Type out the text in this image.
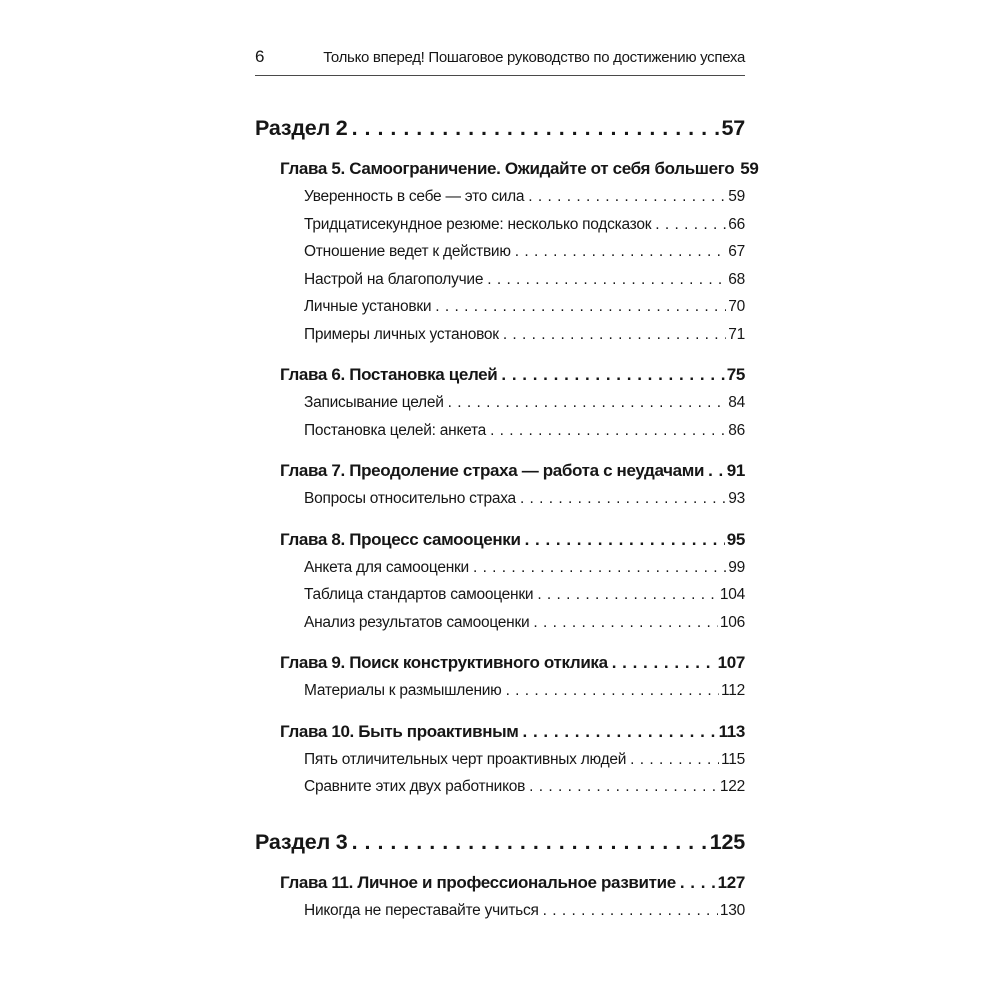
6	Только вперед! Пошаговое руководство по достижению успеха
Раздел 2 . . .	57
Глава 5. Самоограничение. Ожидайте от себя большего 59
Уверенность в себе — это сила . . .	59
Тридцатисекундное резюме: несколько подсказок . . .	66
Отношение ведет к действию . . .	67
Настрой на благополучие . . .	68
Личные установки . . .	70
Примеры личных установок . . .	71
Глава 6. Постановка целей . . .	75
Записывание целей . . .	84
Постановка целей: анкета . . .	86
Глава 7. Преодоление страха — работа с неудачами . . . 91
Вопросы относительно страха . . .	93
Глава 8. Процесс самооценки . . .	95
Анкета для самооценки . . .	99
Таблица стандартов самооценки . . .	104
Анализ результатов самооценки . . .	106
Глава 9. Поиск конструктивного отклика . . .	107
Материалы к размышлению . . .	112
Глава 10. Быть проактивным . . .	113
Пять отличительных черт проактивных людей . . .	115
Сравните этих двух работников . . .	122
Раздел 3 . . .	125
Глава 11. Личное и профессиональное развитие . . . 127
Никогда не переставайте учиться . . .	130
